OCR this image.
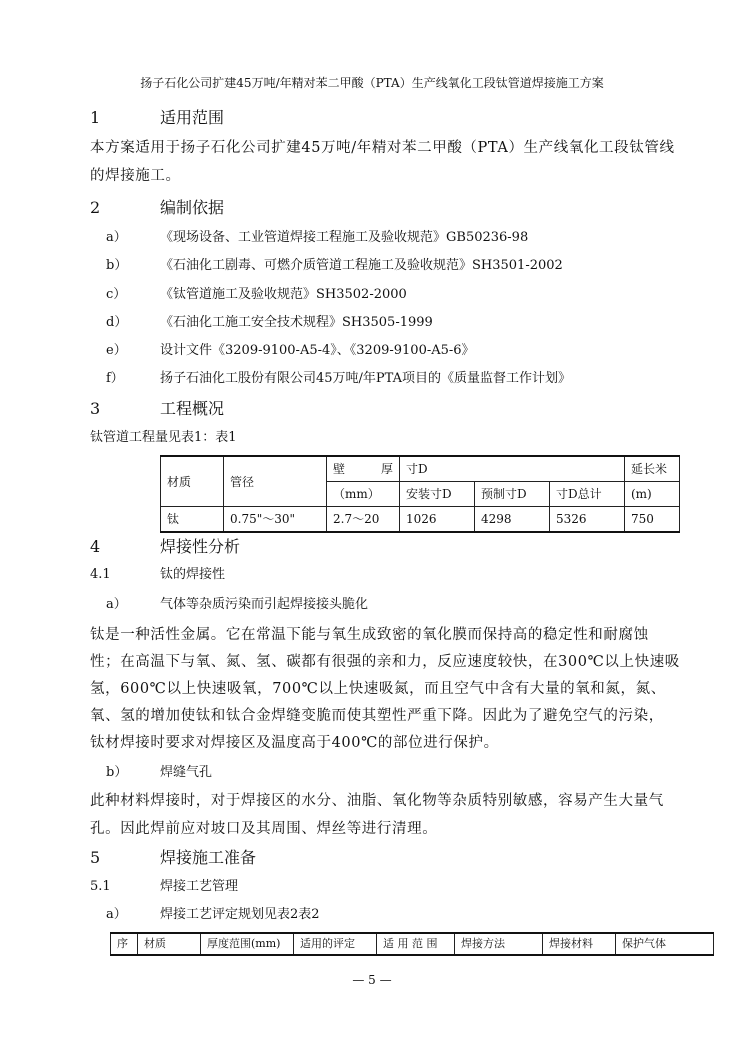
扬子石化公司扩建45万吨/年精对苯二甲酸（PTA）生产线氧化工段钛管道焊接施工方案
1	适用范围
本方案适用于扬子石化公司扩建45万吨/年精对苯二甲酸（PTA）生产线氧化工段钛管线
的焊接施工。
2	编制依据
a）	《现场设备、工业管道焊接工程施工及验收规范》GB50236-98
b）	《石油化工剧毒、可燃介质管道工程施工及验收规范》SH3501-2002
c）	《钛管道施工及验收规范》SH3502-2000
d）	《石油化工施工安全技术规程》SH3505-1999
e）	设计文件《3209-9100-A5-4》、《3209-9100-A5-6》
f）	扬子石油化工股份有限公司45万吨/年PTA项目的《质量监督工作计划》
3	工程概况
钛管道工程量见表1：表1
材质	管径	壁 厚	寸D			延长米
		（mm）	安装寸D	预制寸D	寸D总计	(m)
钛	0.75"～30"	2.7～20	1026	4298	5326	750
4	焊接性分析
4.1	钛的焊接性
a）	气体等杂质污染而引起焊接接头脆化
钛是一种活性金属。它在常温下能与氧生成致密的氧化膜而保持高的稳定性和耐腐蚀
性；在高温下与氧、氮、氢、碳都有很强的亲和力，反应速度较快，在300℃以上快速吸
氢，600℃以上快速吸氧，700℃以上快速吸氮，而且空气中含有大量的氧和氮，氮、
氧、氢的增加使钛和钛合金焊缝变脆而使其塑性严重下降。因此为了避免空气的污染，
钛材焊接时要求对焊接区及温度高于400℃的部位进行保护。
b）	焊缝气孔
此种材料焊接时，对于焊接区的水分、油脂、氧化物等杂质特别敏感，容易产生大量气
孔。因此焊前应对坡口及其周围、焊丝等进行清理。
5	焊接施工准备
5.1	焊接工艺管理
a）	焊接工艺评定规划见表2表2
序	材质	厚度范围(mm)	适用的评定	适 用 范 围	焊接方法	焊接材料	保护气体
— 5 —
